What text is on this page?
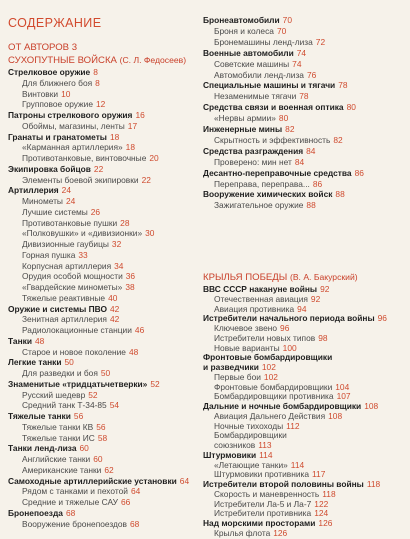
СОДЕРЖАНИЕ
ОТ АВТОРОВ 3
СУХОПУТНЫЕ ВОЙСКА (С. Л. Федосеев)
Стрелковое оружие 8
Для ближнего боя 8
Винтовки 10
Групповое оружие 12
Патроны стрелкового оружия 16
Обоймы, магазины, ленты 17
Гранаты и гранатометы 18
«Карманная артиллерия» 18
Противотанковые, винтовочные 20
Экипировка бойцов 22
Элементы боевой экипировки 22
Артиллерия 24
Минометы 24
Лучшие системы 26
Противотанковые пушки 28
«Полковушки» и «дивизионки» 30
Дивизионные гаубицы 32
Горная пушка 33
Корпусная артиллерия 34
Орудия особой мощности 36
«Гвардейские минометы» 38
Тяжелые реактивные 40
Оружие и системы ПВО 42
Зенитная артиллерия 42
Радиолокационные станции 46
Танки 48
Старое и новое поколение 48
Легкие танки 50
Для разведки и боя 50
Знаменитые «тридцатьчетверки» 52
Русский шедевр 52
Средний танк Т-34-85 54
Тяжелые танки 56
Тяжелые танки КВ 56
Тяжелые танки ИС 58
Танки ленд-лиза 60
Английские танки 60
Американские танки 62
Самоходные артиллерийские установки 64
Рядом с танками и пехотой 64
Средние и тяжелые САУ 66
Бронепоезда 68
Вооружение бронепоездов 68
Бронеавтомобили 70
Броня и колеса 70
Бронемашины ленд-лиза 72
Военные автомобили 74
Советские машины 74
Автомобили ленд-лиза 76
Специальные машины и тягачи 78
Незаменимые тягачи 78
Средства связи и военная оптика 80
«Нервы армии» 80
Инженерные мины 82
Скрытность и эффективность 82
Средства разграждения 84
Проверено: мин нет 84
Десантно-переправочные средства 86
Переправа, переправа... 86
Вооружение химических войск 88
Зажигательное оружие 88
КРЫЛЬЯ ПОБЕДЫ (В. А. Бакурский)
ВВС СССР накануне войны 92
Отечественная авиация 92
Авиация противника 94
Истребители начального периода войны 96
Ключевое звено 96
Истребители новых типов 98
Новые варианты 100
Фронтовые бомбардировщики
и разведчики 102
Первые бои 102
Фронтовые бомбардировщики 104
Бомбардировщики противника 107
Дальние и ночные бомбардировщики 108
Авиация Дальнего Действия 108
Ночные тихоходы 112
Бомбардировщики
союзников 113
Штурмовики 114
«Летающие танки» 114
Штурмовики противника 117
Истребители второй половины войны 118
Скорость и маневренность 118
Истребители Ла-5 и Ла-7 122
Истребители противника 124
Над морскими просторами 126
Крылья флота 126
